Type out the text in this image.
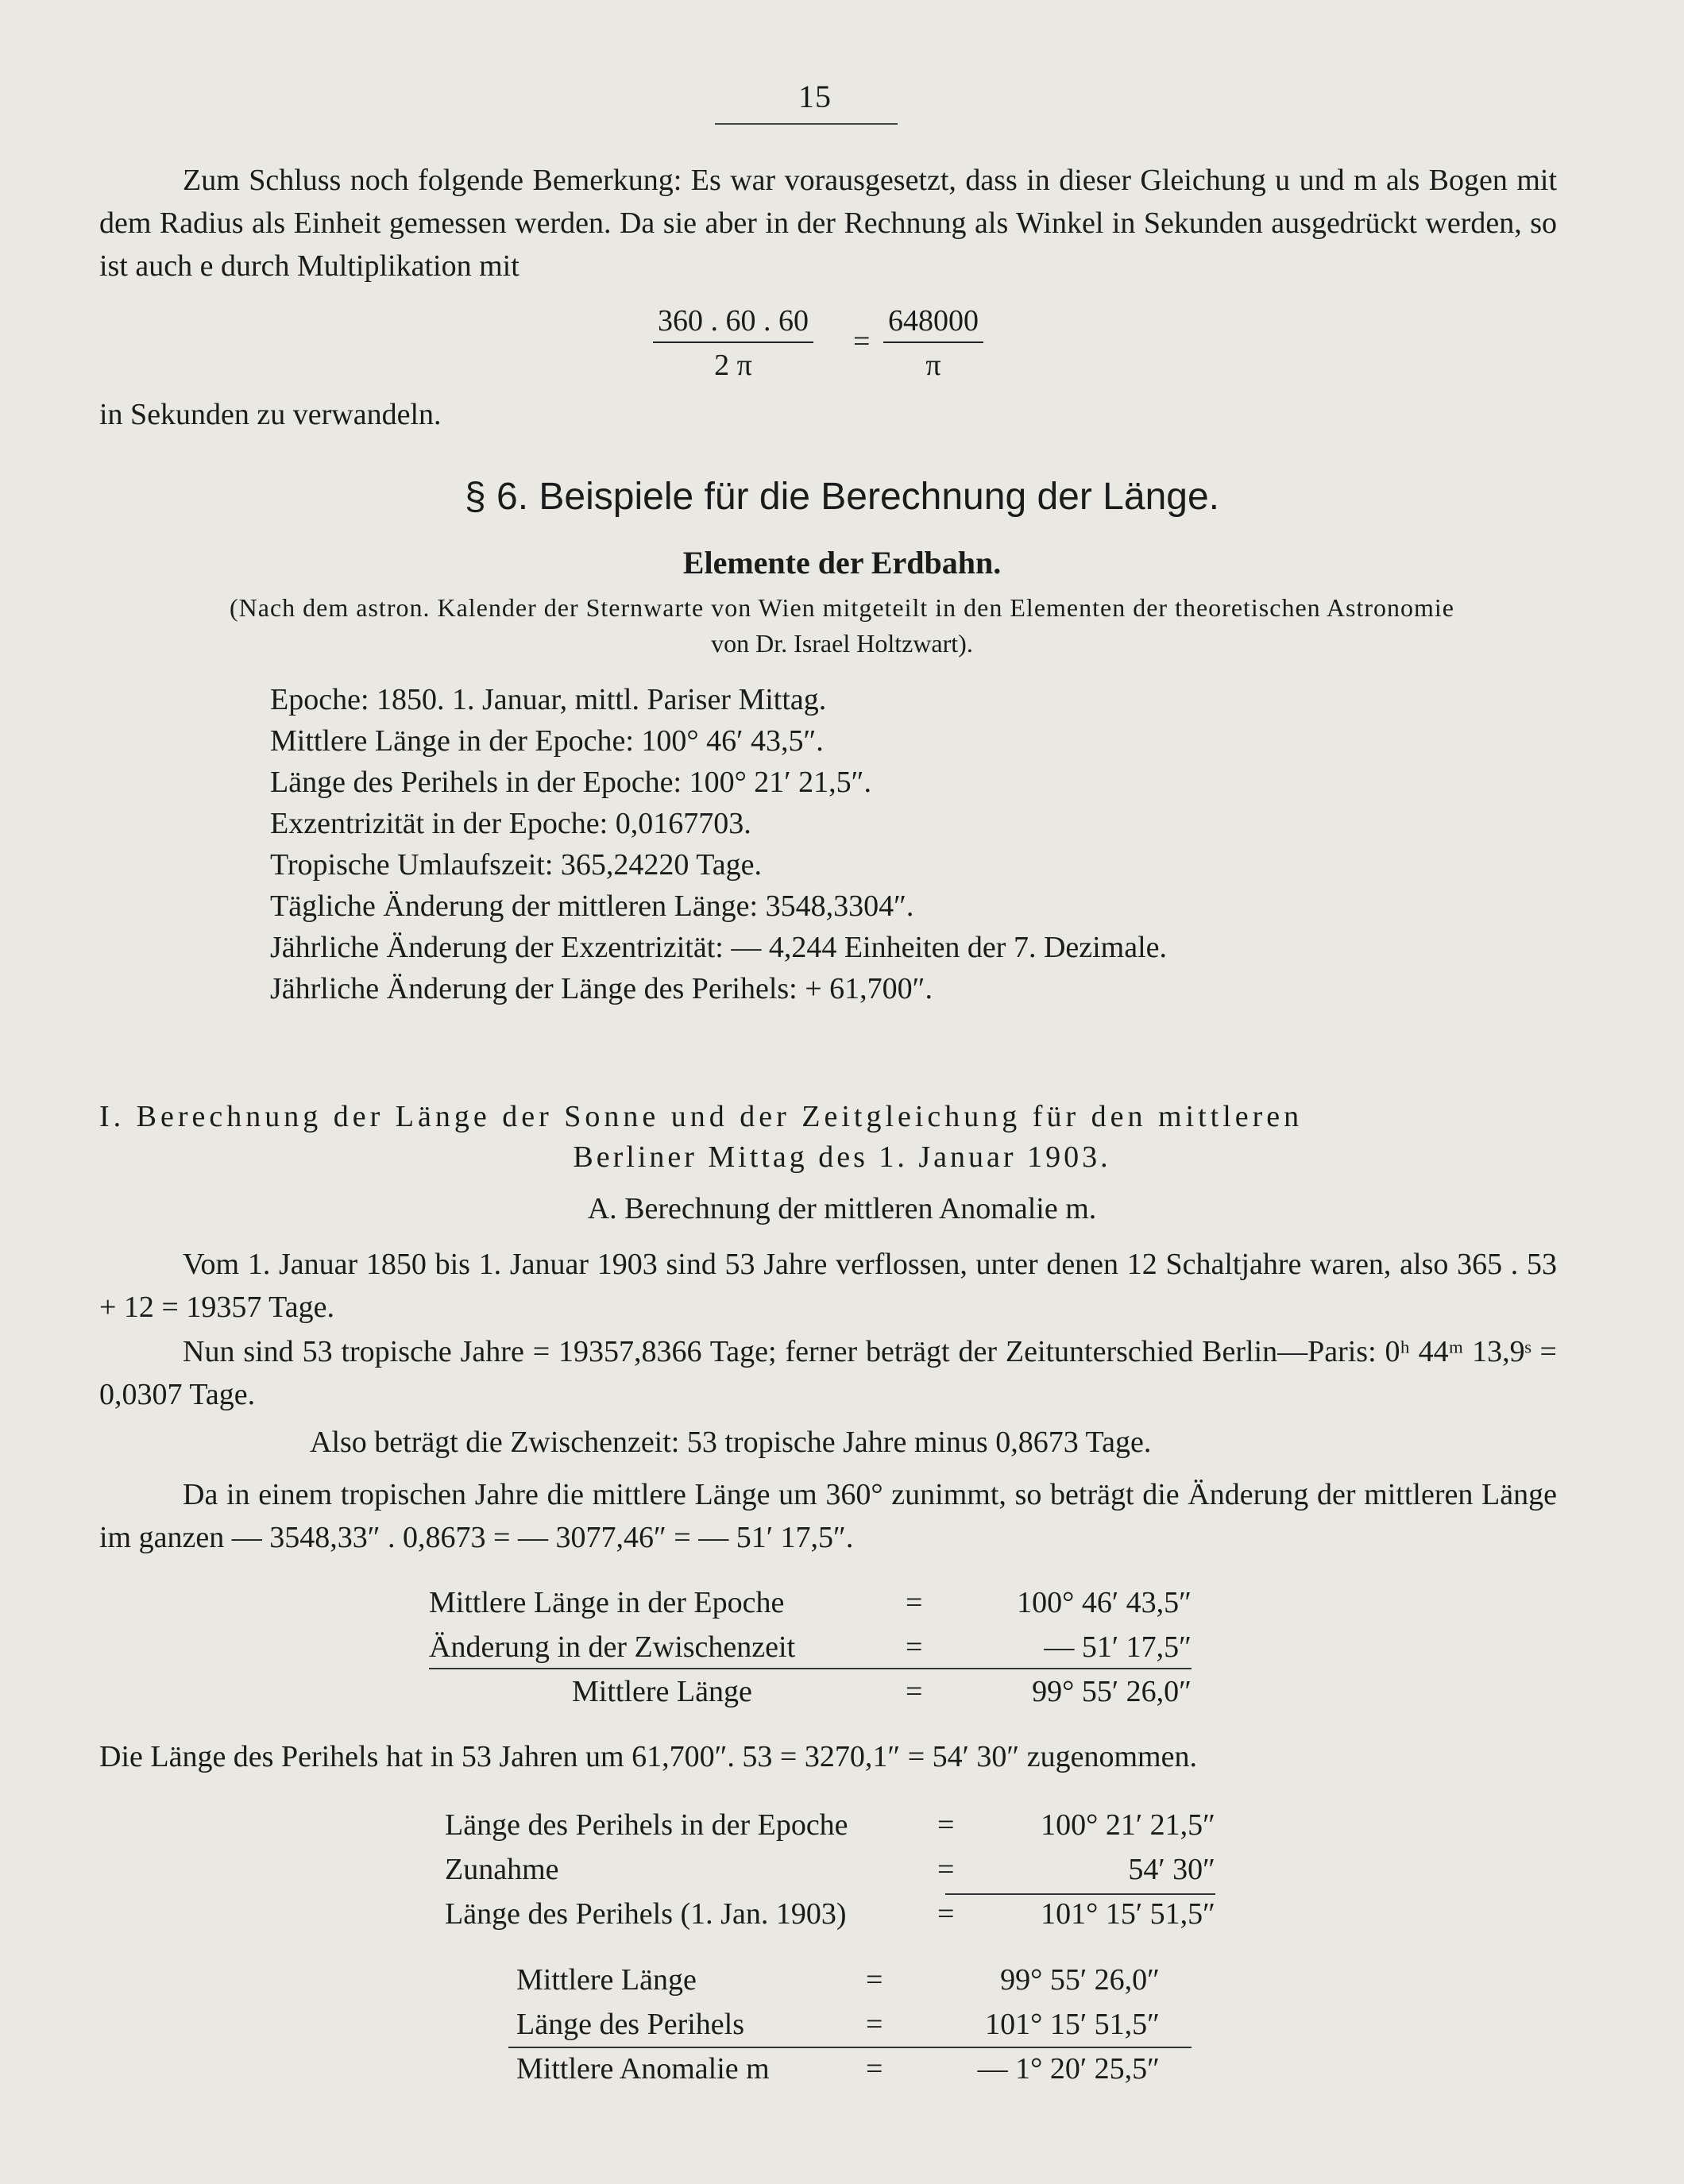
15
Zum Schluss noch folgende Bemerkung: Es war vorausgesetzt, dass in dieser Gleichung u und m als Bogen mit dem Radius als Einheit gemessen werden. Da sie aber in der Rechnung als Winkel in Sekunden ausgedrückt werden, so ist auch e durch Multiplikation mit
$\frac{360 . 60 . 60}{2 \pi} = \frac{648000}{\pi}$
in Sekunden zu verwandeln.
§ 6. Beispiele für die Berechnung der Länge.
Elemente der Erdbahn.
(Nach dem astron. Kalender der Sternwarte von Wien mitgeteilt in den Elementen der theoretischen Astronomie
von Dr. Israel Holtzwart).
Epoche: 1850. 1. Januar, mittl. Pariser Mittag.
Mittlere Länge in der Epoche: 100° 46′ 43,5″.
Länge des Perihels in der Epoche: 100° 21′ 21,5″.
Exzentrizität in der Epoche: 0,0167703.
Tropische Umlaufszeit: 365,24220 Tage.
Tägliche Änderung der mittleren Länge: 3548,3304″.
Jährliche Änderung der Exzentrizität: — 4,244 Einheiten der 7. Dezimale.
Jährliche Änderung der Länge des Perihels: + 61,700″.
I. Berechnung der Länge der Sonne und der Zeitgleichung für den mittleren
Berliner Mittag des 1. Januar 1903.
A. Berechnung der mittleren Anomalie m.
Vom 1. Januar 1850 bis 1. Januar 1903 sind 53 Jahre verflossen, unter denen 12 Schaltjahre waren, also 365 . 53 + 12 = 19357 Tage.
Nun sind 53 tropische Jahre = 19357,8366 Tage; ferner beträgt der Zeitunterschied Berlin—Paris: 0ʰ 44ᵐ 13,9ˢ = 0,0307 Tage.
Also beträgt die Zwischenzeit: 53 tropische Jahre minus 0,8673 Tage.
Da in einem tropischen Jahre die mittlere Länge um 360° zunimmt, so beträgt die Änderung der mittleren Länge im ganzen — 3548,33″ . 0,8673 = — 3077,46″ = — 51′ 17,5″.
Mittlere Länge in der Epoche	=	100° 46′ 43,5″
Änderung in der Zwischenzeit	=	— 51′ 17,5″
Mittlere Länge	=	99° 55′ 26,0″
Die Länge des Perihels hat in 53 Jahren um 61,700″. 53 = 3270,1″ = 54′ 30″ zugenommen.
Länge des Perihels in der Epoche	=	100° 21′ 21,5″
Zunahme	=	54′ 30″
Länge des Perihels (1. Jan. 1903)	=	101° 15′ 51,5″
Mittlere Länge	=	99° 55′ 26,0″
Länge des Perihels	=	101° 15′ 51,5″
Mittlere Anomalie m	=	— 1° 20′ 25,5″
